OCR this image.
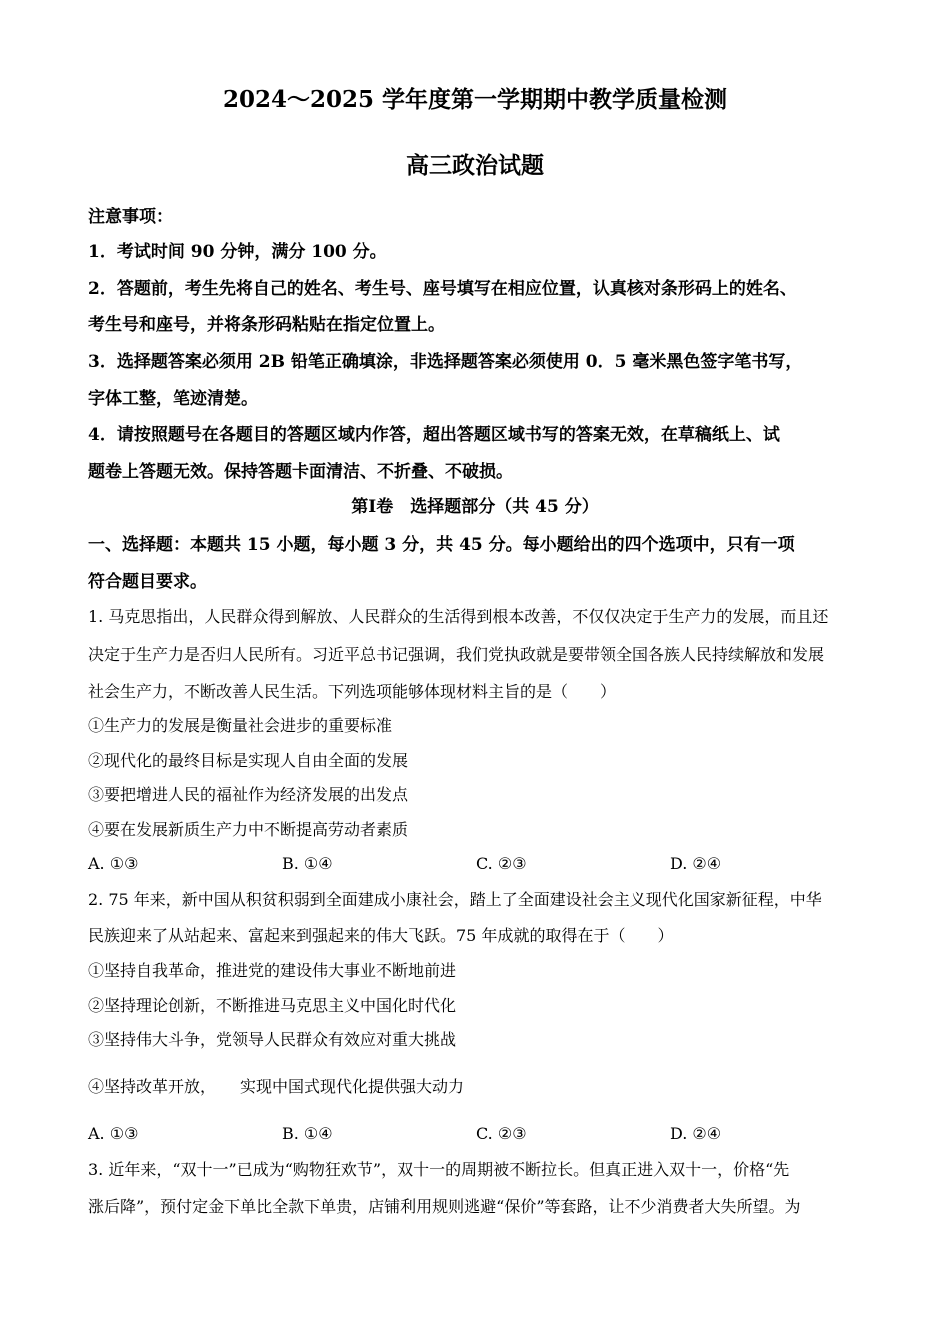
2024～2025 学年度第一学期期中教学质量检测
高三政治试题
注意事项：
1．考试时间 90 分钟，满分 100 分。
2．答题前，考生先将自己的姓名、考生号、座号填写在相应位置，认真核对条形码上的姓名、
考生号和座号，并将条形码粘贴在指定位置上。
3．选择题答案必须用 2B 铅笔正确填涂，非选择题答案必须使用 0．5 毫米黑色签字笔书写，
字体工整，笔迹清楚。
4．请按照题号在各题目的答题区域内作答，超出答题区域书写的答案无效，在草稿纸上、试
题卷上答题无效。保持答题卡面清洁、不折叠、不破损。
第Ⅰ卷　选择题部分（共 45 分）
一、选择题：本题共 15 小题，每小题 3 分，共 45 分。每小题给出的四个选项中，只有一项
符合题目要求。
1. 马克思指出，人民群众得到解放、人民群众的生活得到根本改善，不仅仅决定于生产力的发展，而且还
决定于生产力是否归人民所有。习近平总书记强调，我们党执政就是要带领全国各族人民持续解放和发展
社会生产力，不断改善人民生活。下列选项能够体现材料主旨的是（　　）
①生产力的发展是衡量社会进步的重要标准
②现代化的最终目标是实现人自由全面的发展
③要把增进人民的福祉作为经济发展的出发点
④要在发展新质生产力中不断提高劳动者素质
A. ①③	B. ①④	C. ②③	D. ②④
2. 75 年来，新中国从积贫积弱到全面建成小康社会，踏上了全面建设社会主义现代化国家新征程，中华
民族迎来了从站起来、富起来到强起来的伟大飞跃。75 年成就的取得在于（　　）
①坚持自我革命，推进党的建设伟大事业不断地前进
②坚持理论创新，不断推进马克思主义中国化时代化
③坚持伟大斗争，党领导人民群众有效应对重大挑战
④坚持改革开放，　　实现中国式现代化提供强大动力
A. ①③	B. ①④	C. ②③	D. ②④
3. 近年来，“双十一”已成为“购物狂欢节”，双十一的周期被不断拉长。但真正进入双十一，价格“先
涨后降”，预付定金下单比全款下单贵，店铺利用规则逃避“保价”等套路，让不少消费者大失所望。为
